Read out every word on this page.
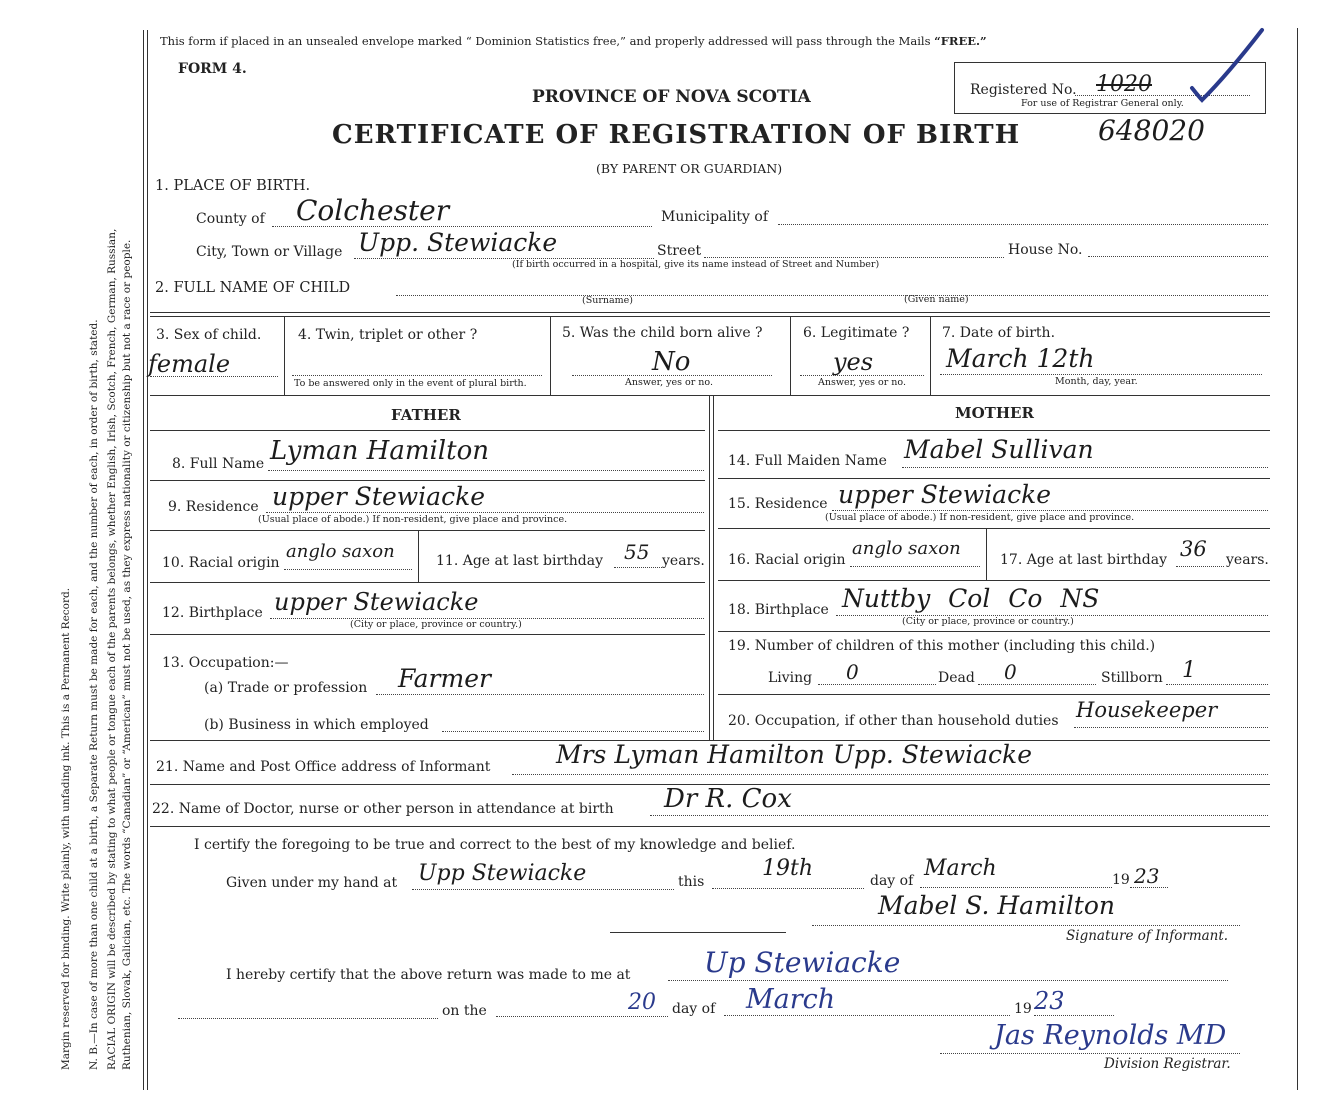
Margin reserved for binding. Write plainly, with unfading ink. This is a Permanent Record. N. B.—In case of more than one child at a birth, a Separate Return must be made for each, and the number of each, in order of birth, stated. RACIAL ORIGIN will be described by stating to what people or tongue each of the parents belongs, whether English, Irish, Scotch, French, German, Russian, Ruthenian, Slovak, Galician, etc. The words “Canadian” or “American” must not be used, as they express nationality or citizenship but not a race or people.
This form if placed in an unsealed envelope marked “ Dominion Statistics free,” and properly addressed will pass through the Mails “FREE.”
FORM 4.
PROVINCE OF NOVA SCOTIA
CERTIFICATE OF REGISTRATION OF BIRTH	648020
(BY PARENT OR GUARDIAN)
Registered No. 1020
For use of Registrar General only.
1. PLACE OF BIRTH.
County of Colchester	Municipality of
City, Town or Village Upp. Stewiacke	Street	House No.
(If birth occurred in a hospital, give its name instead of Street and Number)
2. FULL NAME OF CHILD
(Surname)	(Given name)
3. Sex of child.
female
4. Twin, triplet or other ?
To be answered only in the event of plural birth.
5. Was the child born alive ?
No
Answer, yes or no.
6. Legitimate ?
yes
Answer, yes or no.
7. Date of birth.
March 12th
Month, day, year.
FATHER	MOTHER
8. Full Name Lyman Hamilton
9. Residence upper Stewiacke
(Usual place of abode.) If non-resident, give place and province.
10. Racial origin
anglo saxon	11. Age at last birthday 55 years.
12. Birthplace upper Stewiacke
(City or place, province or country.)
13. Occupation:—
(a) Trade or profession Farmer
(b) Business in which employed
14. Full Maiden Name Mabel Sullivan
15. Residence upper Stewiacke
(Usual place of abode.) If non-resident, give place and province.
16. Racial origin
anglo saxon
17. Age at last birthday 36 years.
18. Birthplace Nuttby Col Co NS
(City or place, province or country.)
19. Number of children of this mother (including this child.)
Living 0	Dead 0	Stillborn 1
20. Occupation, if other than household duties Housekeeper
21. Name and Post Office address of Informant	Mrs Lyman Hamilton Upp. Stewiacke
22. Name of Doctor, nurse or other person in attendance at birth Dr R. Cox
I certify the foregoing to be true and correct to the best of my knowledge and belief.
Given under my hand at Upp Stewiacke	this
19th	day of March	19 23
Mabel S. Hamilton
Signature of Informant.
I hereby certify that the above return was made to me at	Up Stewiacke
on the	20 day of March	19 23
Jas Reynolds MD
Division Registrar.
